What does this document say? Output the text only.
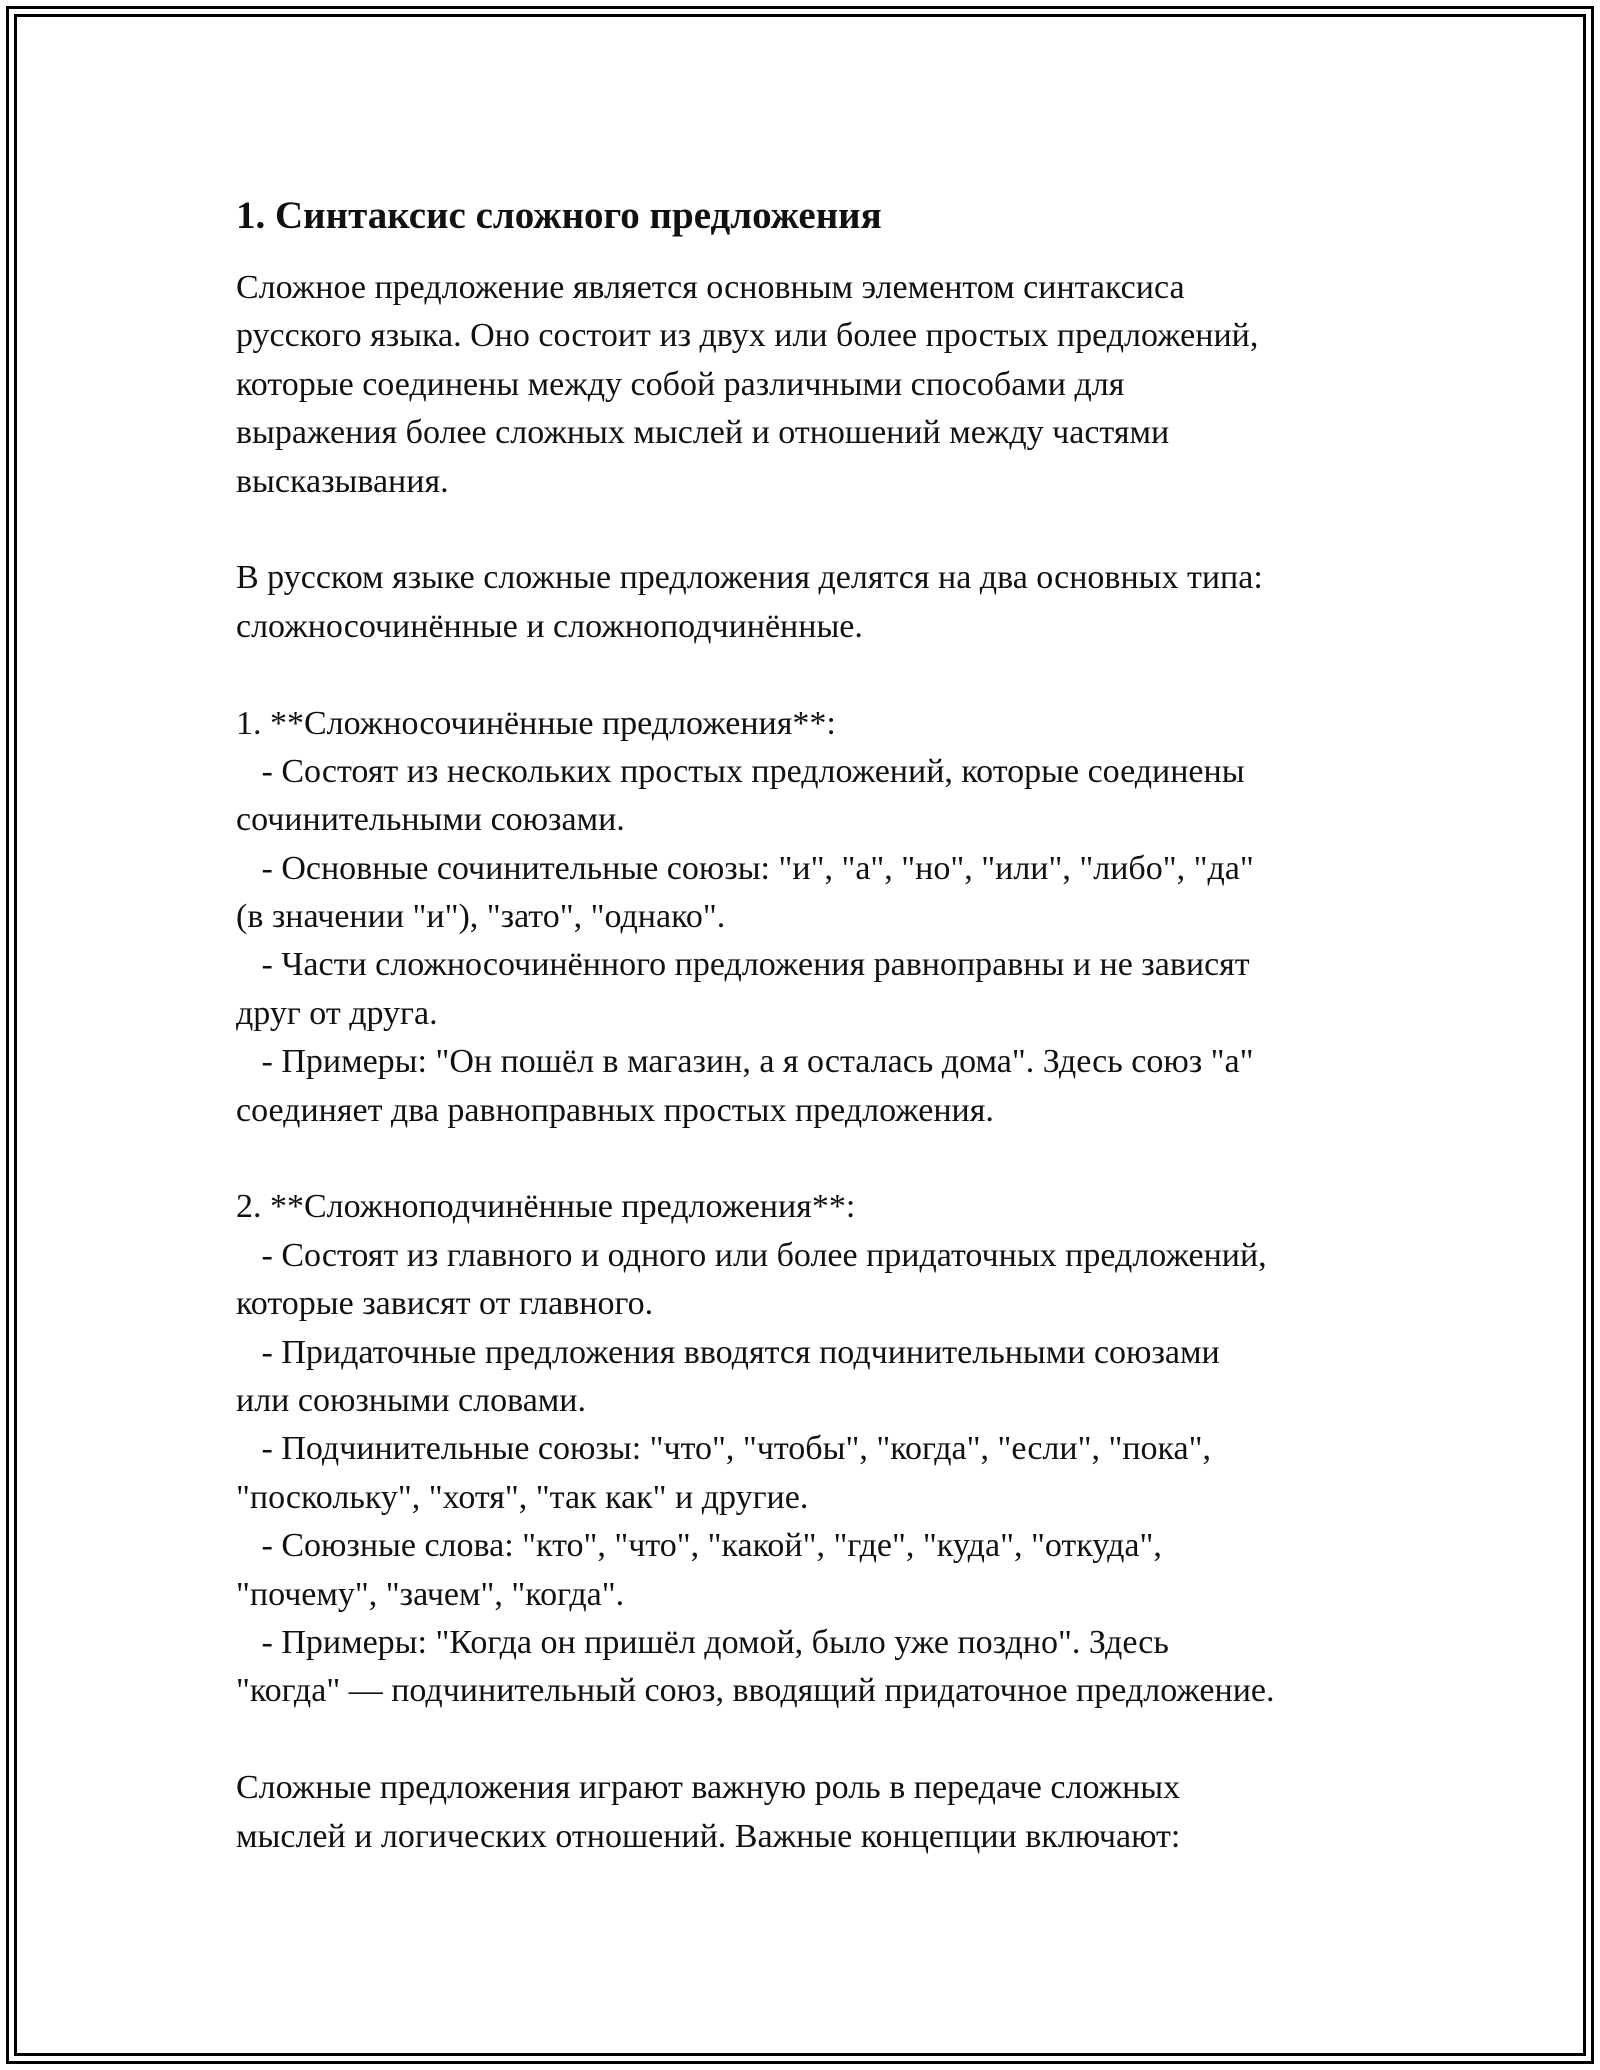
1. Синтаксис сложного предложения
Сложное предложение является основным элементом синтаксиса
русского языка. Оно состоит из двух или более простых предложений,
которые соединены между собой различными способами для
выражения более сложных мыслей и отношений между частями
высказывания.
В русском языке сложные предложения делятся на два основных типа:
сложносочинённые и сложноподчинённые.
1. **Сложносочинённые предложения**:
- Состоят из нескольких простых предложений, которые соединены
сочинительными союзами.
- Основные сочинительные союзы: "и", "а", "но", "или", "либо", "да"
(в значении "и"), "зато", "однако".
- Части сложносочинённого предложения равноправны и не зависят
друг от друга.
- Примеры: "Он пошёл в магазин, а я осталась дома". Здесь союз "а"
соединяет два равноправных простых предложения.
2. **Сложноподчинённые предложения**:
- Состоят из главного и одного или более придаточных предложений,
которые зависят от главного.
- Придаточные предложения вводятся подчинительными союзами
или союзными словами.
- Подчинительные союзы: "что", "чтобы", "когда", "если", "пока",
"поскольку", "хотя", "так как" и другие.
- Союзные слова: "кто", "что", "какой", "где", "куда", "откуда",
"почему", "зачем", "когда".
- Примеры: "Когда он пришёл домой, было уже поздно". Здесь
"когда" — подчинительный союз, вводящий придаточное предложение.
Сложные предложения играют важную роль в передаче сложных
мыслей и логических отношений. Важные концепции включают:
